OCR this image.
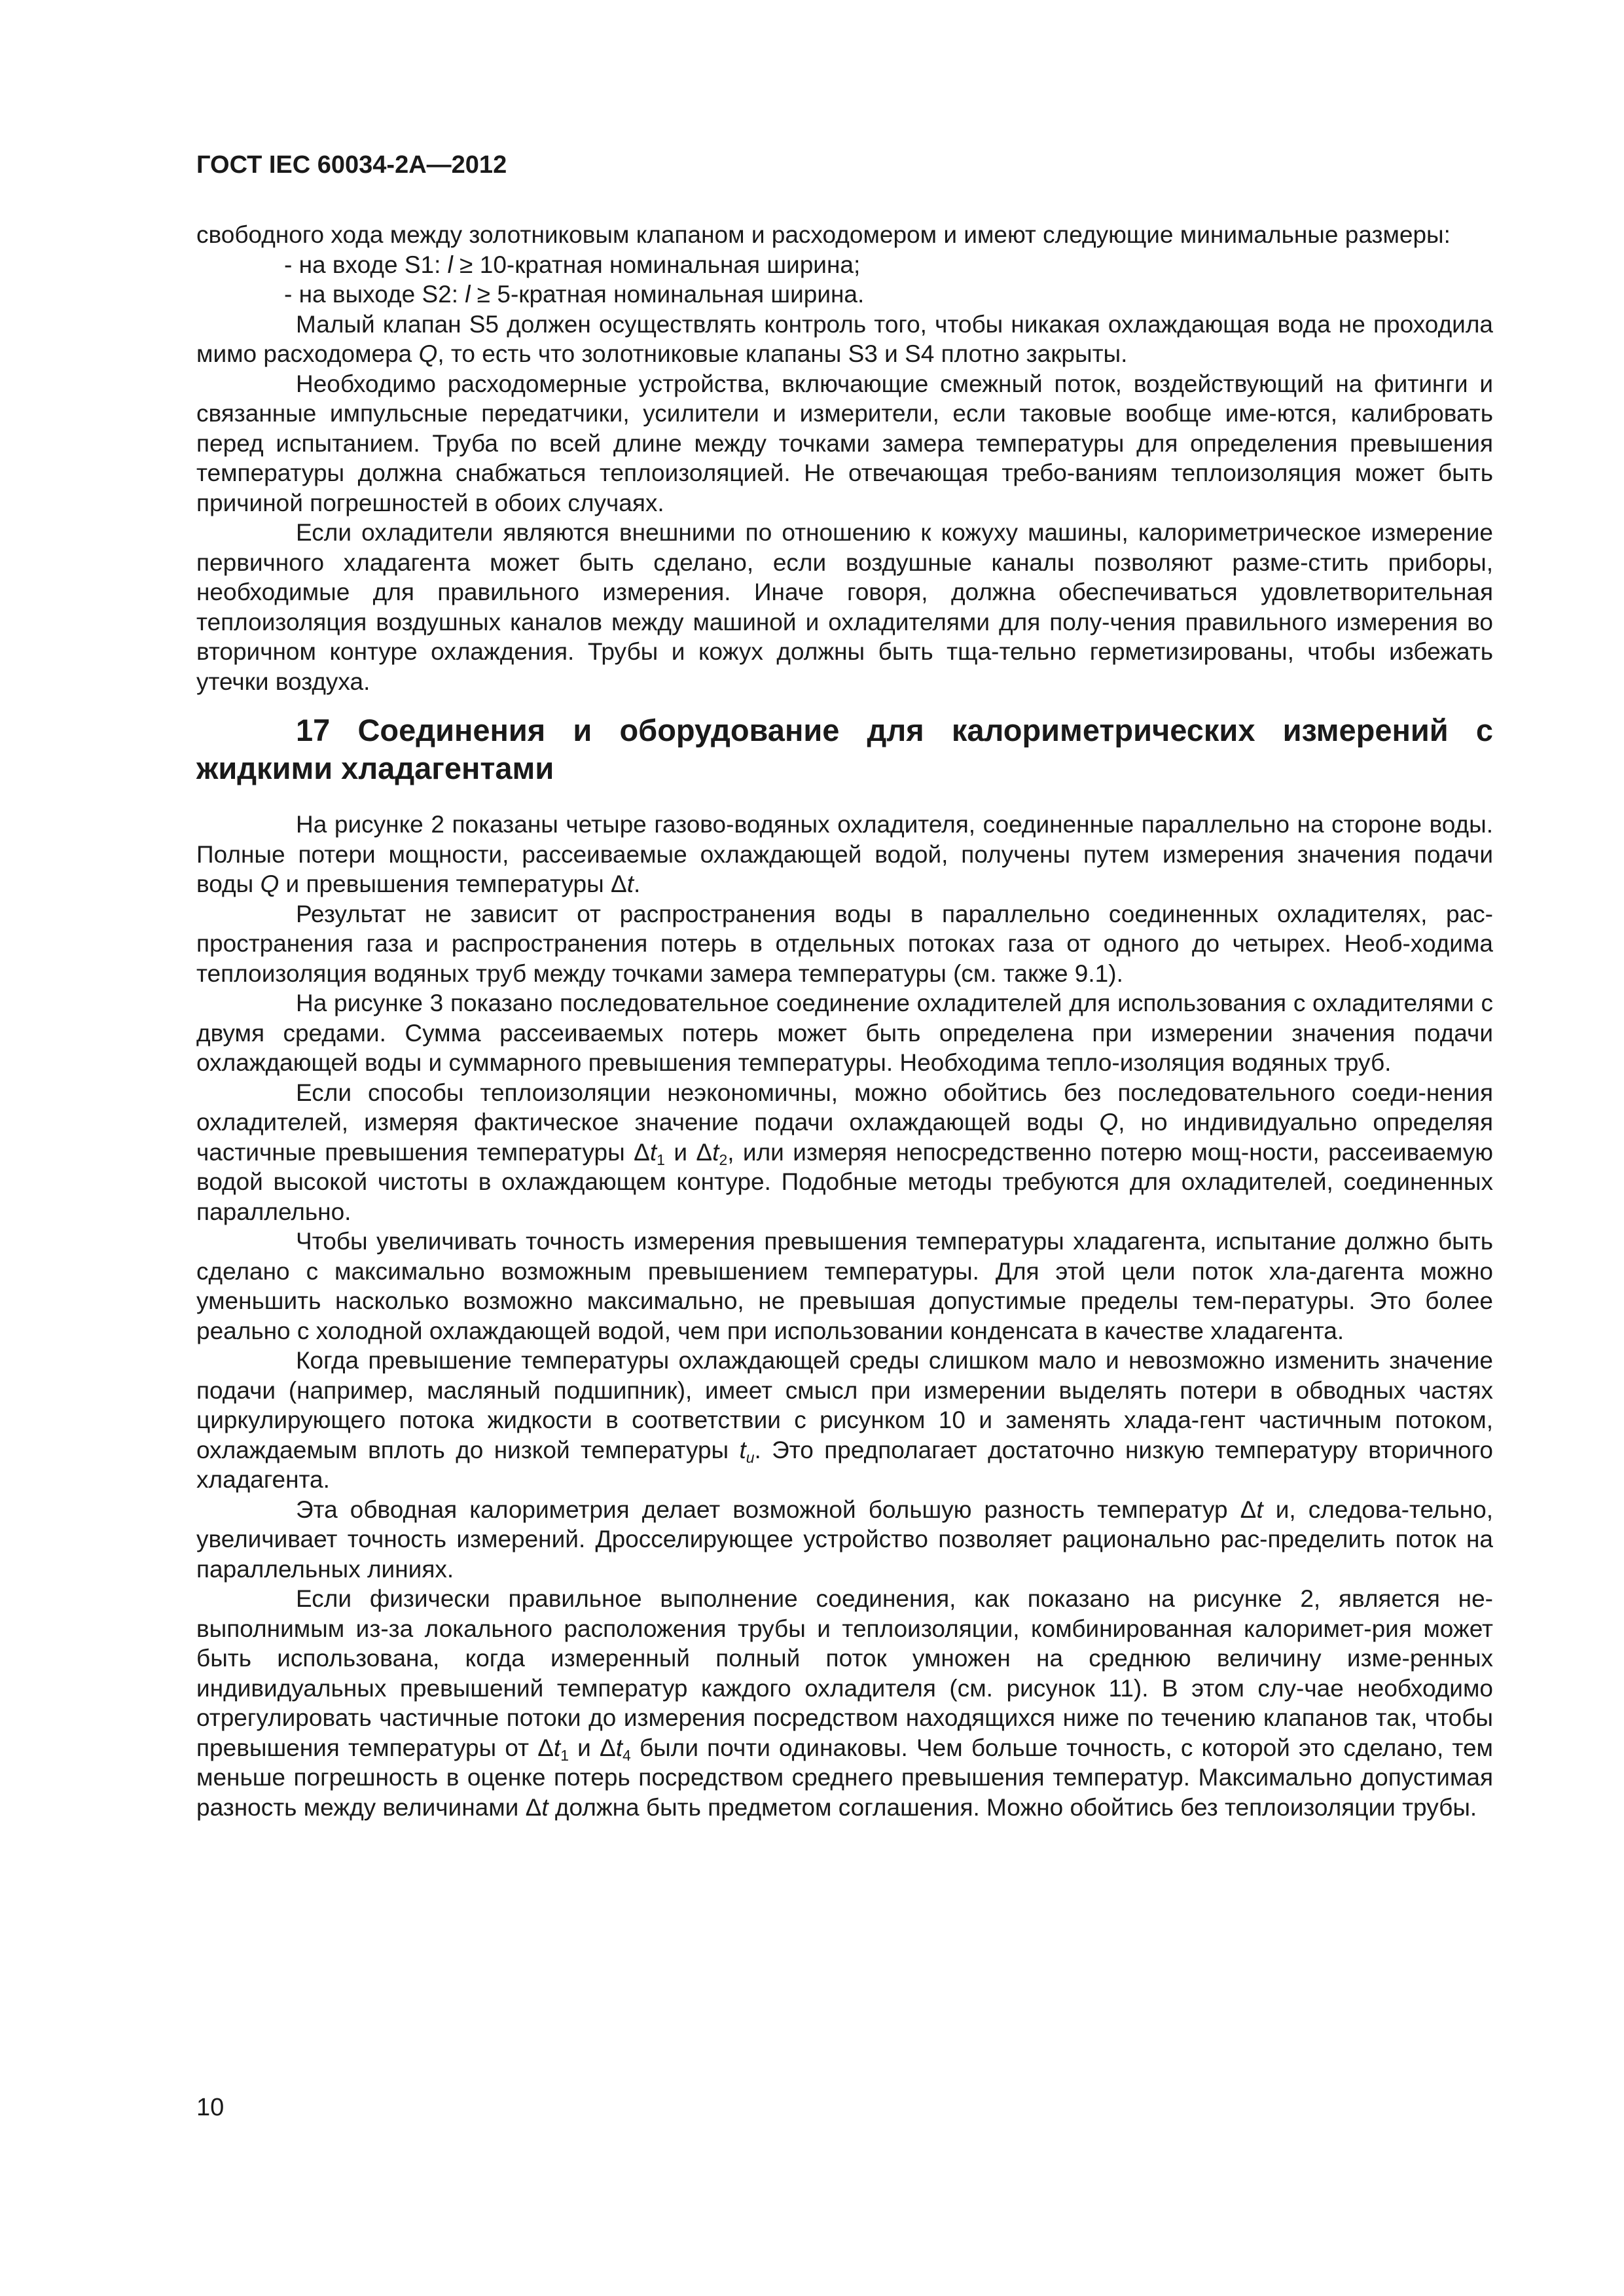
ГОСТ IEC 60034-2А—2012

свободного хода между золотниковым клапаном и расходомером и имеют следующие минимальные размеры:

- на входе S1: l ≥ 10-кратная номинальная ширина;

- на выходе S2: l ≥ 5-кратная номинальная ширина.

Малый клапан S5 должен осуществлять контроль того, чтобы никакая охлаждающая вода не проходила мимо расходомера Q, то есть что золотниковые клапаны S3 и S4 плотно закрыты.

Необходимо расходомерные устройства, включающие смежный поток, воздействующий на фитинги и связанные импульсные передатчики, усилители и измерители, если таковые вообще име-ются, калибровать перед испытанием. Труба по всей длине между точками замера температуры для определения превышения температуры должна снабжаться теплоизоляцией. Не отвечающая требо-ваниям теплоизоляция может быть причиной погрешностей в обоих случаях.

Если охладители являются внешними по отношению к кожуху машины, калориметрическое измерение первичного хладагента может быть сделано, если воздушные каналы позволяют разме-стить приборы, необходимые для правильного измерения. Иначе говоря, должна обеспечиваться удовлетворительная теплоизоляция воздушных каналов между машиной и охладителями для полу-чения правильного измерения во вторичном контуре охлаждения. Трубы и кожух должны быть тща-тельно герметизированы, чтобы избежать утечки воздуха.

17 Соединения и оборудование для калориметрических измерений с жидкими хладагентами

На рисунке 2 показаны четыре газово-водяных охладителя, соединенные параллельно на стороне воды. Полные потери мощности, рассеиваемые охлаждающей водой, получены путем измерения значения подачи воды Q и превышения температуры Δt.

Результат не зависит от распространения воды в параллельно соединенных охладителях, рас-пространения газа и распространения потерь в отдельных потоках газа от одного до четырех. Необ-ходима теплоизоляция водяных труб между точками замера температуры (см. также 9.1).

На рисунке 3 показано последовательное соединение охладителей для использования с охладителями с двумя средами. Сумма рассеиваемых потерь может быть определена при измерении значения подачи охлаждающей воды и суммарного превышения температуры. Необходима тепло-изоляция водяных труб.

Если способы теплоизоляции неэкономичны, можно обойтись без последовательного соеди-нения охладителей, измеряя фактическое значение подачи охлаждающей воды Q, но индивидуально определяя частичные превышения температуры $\Delta t_1$ и $\Delta t_2$, или измеряя непосредственно потерю мощ-ности, рассеиваемую водой высокой чистоты в охлаждающем контуре. Подобные методы требуются для охладителей, соединенных параллельно.

Чтобы увеличивать точность измерения превышения температуры хладагента, испытание должно быть сделано с максимально возможным превышением температуры. Для этой цели поток хла-дагента можно уменьшить насколько возможно максимально, не превышая допустимые пределы тем-пературы. Это более реально с холодной охлаждающей водой, чем при использовании конденсата в качестве хладагента.

Когда превышение температуры охлаждающей среды слишком мало и невозможно изменить значение подачи (например, масляный подшипник), имеет смысл при измерении выделять потери в обводных частях циркулирующего потока жидкости в соответствии с рисунком 10 и заменять хлада-гент частичным потоком, охлаждаемым вплоть до низкой температуры $t_u$. Это предполагает достаточно низкую температуру вторичного хладагента.

Эта обводная калориметрия делает возможной большую разность температур Δt и, следова-тельно, увеличивает точность измерений. Дросселирующее устройство позволяет рационально рас-пределить поток на параллельных линиях.

Если физически правильное выполнение соединения, как показано на рисунке 2, является не-выполнимым из-за локального расположения трубы и теплоизоляции, комбинированная калоримет-рия может быть использована, когда измеренный полный поток умножен на среднюю величину изме-ренных индивидуальных превышений температур каждого охладителя (см. рисунок 11). В этом слу-чае необходимо отрегулировать частичные потоки до измерения посредством находящихся ниже по течению клапанов так, чтобы превышения температуры от $\Delta t_1$ и $\Delta t_4$ были почти одинаковы. Чем больше точность, с которой это сделано, тем меньше погрешность в оценке потерь посредством среднего превышения температур. Максимально допустимая разность между величинами Δt должна быть предметом соглашения. Можно обойтись без теплоизоляции трубы.

10
